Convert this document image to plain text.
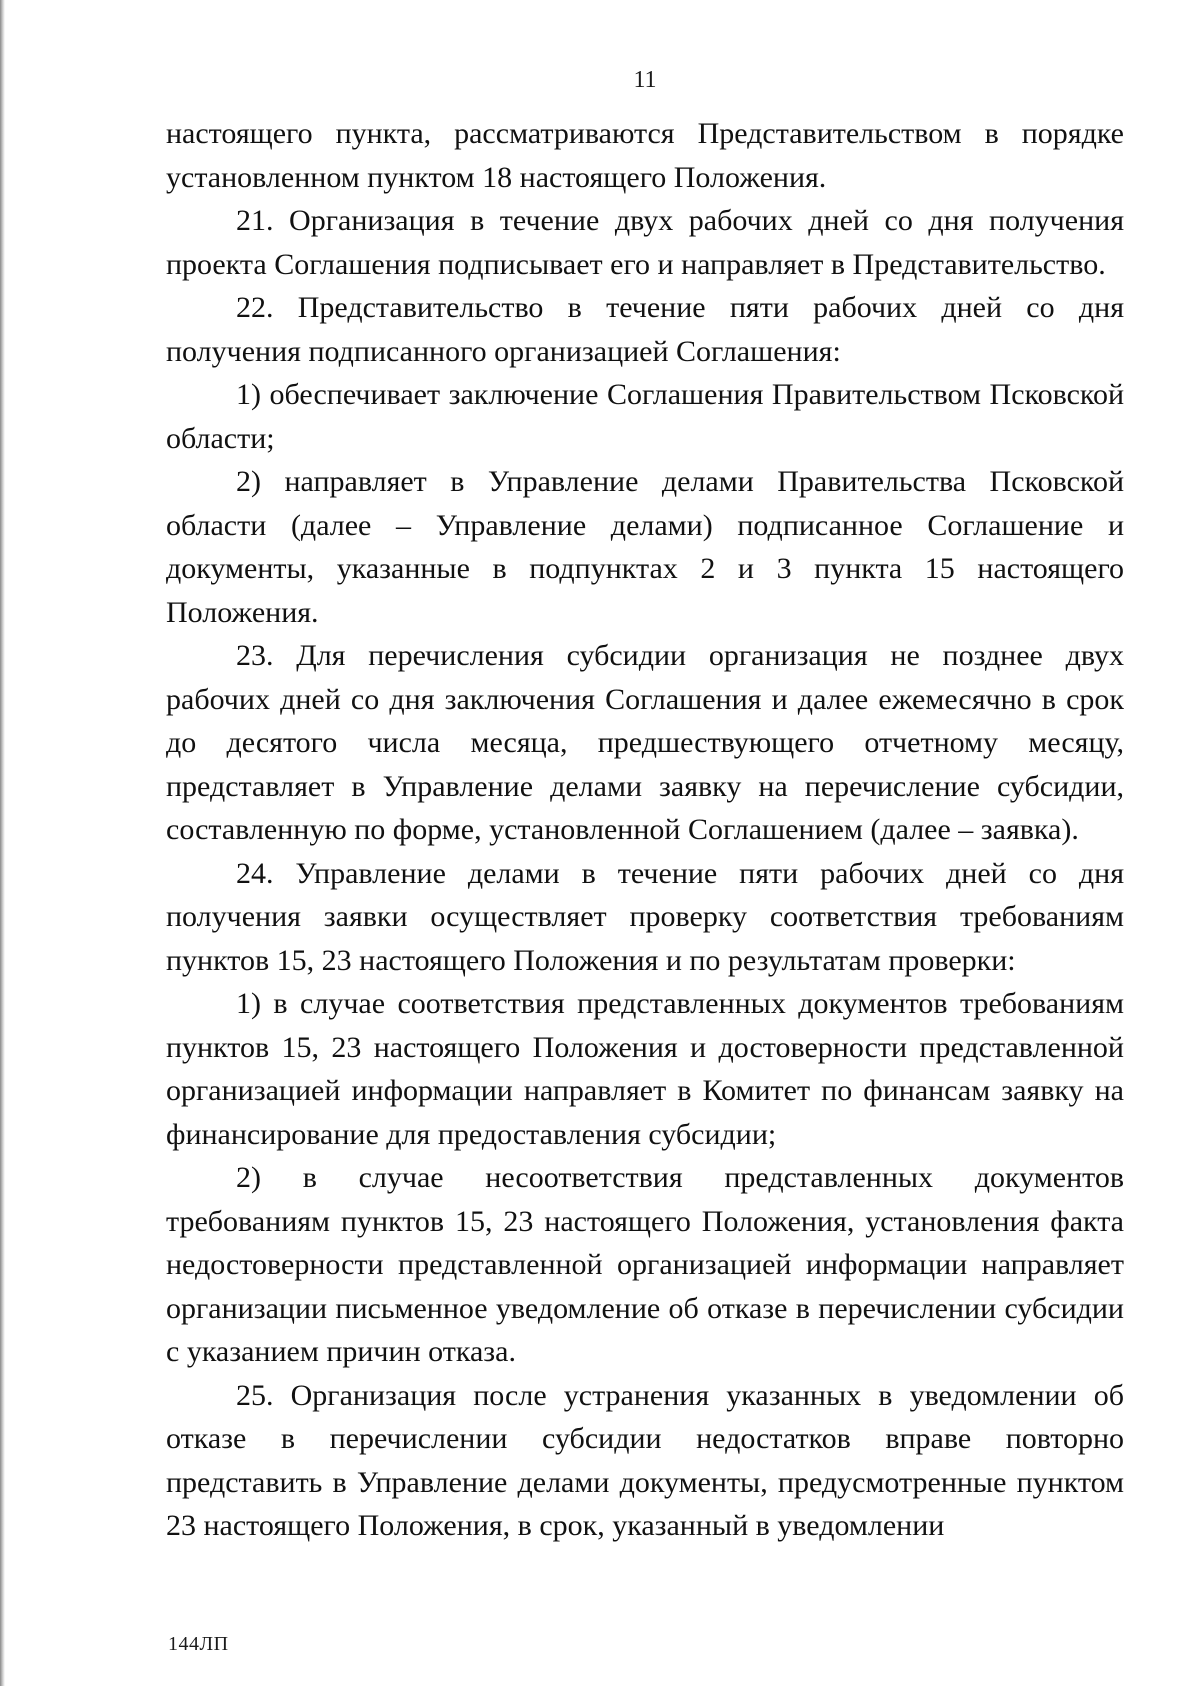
11

настоящего пункта, рассматриваются Представительством в порядке установленном пунктом 18 настоящего Положения.

21. Организация в течение двух рабочих дней со дня получения проекта Соглашения подписывает его и направляет в Представительство.

22. Представительство в течение пяти рабочих дней со дня получения подписанного организацией Соглашения:

1) обеспечивает заключение Соглашения Правительством Псковской области;

2) направляет в Управление делами Правительства Псковской области (далее – Управление делами) подписанное Соглашение и документы, указанные в подпунктах 2 и 3 пункта 15 настоящего Положения.

23. Для перечисления субсидии организация не позднее двух рабочих дней со дня заключения Соглашения и далее ежемесячно в срок до десятого числа месяца, предшествующего отчетному месяцу, представляет в Управление делами заявку на перечисление субсидии, составленную по форме, установленной Соглашением (далее – заявка).

24. Управление делами в течение пяти рабочих дней со дня получения заявки осуществляет проверку соответствия требованиям пунктов 15, 23 настоящего Положения и по результатам проверки:

1) в случае соответствия представленных документов требованиям пунктов 15, 23 настоящего Положения и достоверности представленной организацией информации направляет в Комитет по финансам заявку на финансирование для предоставления субсидии;

2) в случае несоответствия представленных документов требованиям пунктов 15, 23 настоящего Положения, установления факта недостоверности представленной организацией информации направляет организации письменное уведомление об отказе в перечислении субсидии с указанием причин отказа.

25. Организация после устранения указанных в уведомлении об отказе в перечислении субсидии недостатков вправе повторно представить в Управление делами документы, предусмотренные пунктом 23 настоящего Положения, в срок, указанный в уведомлении

144ЛП
